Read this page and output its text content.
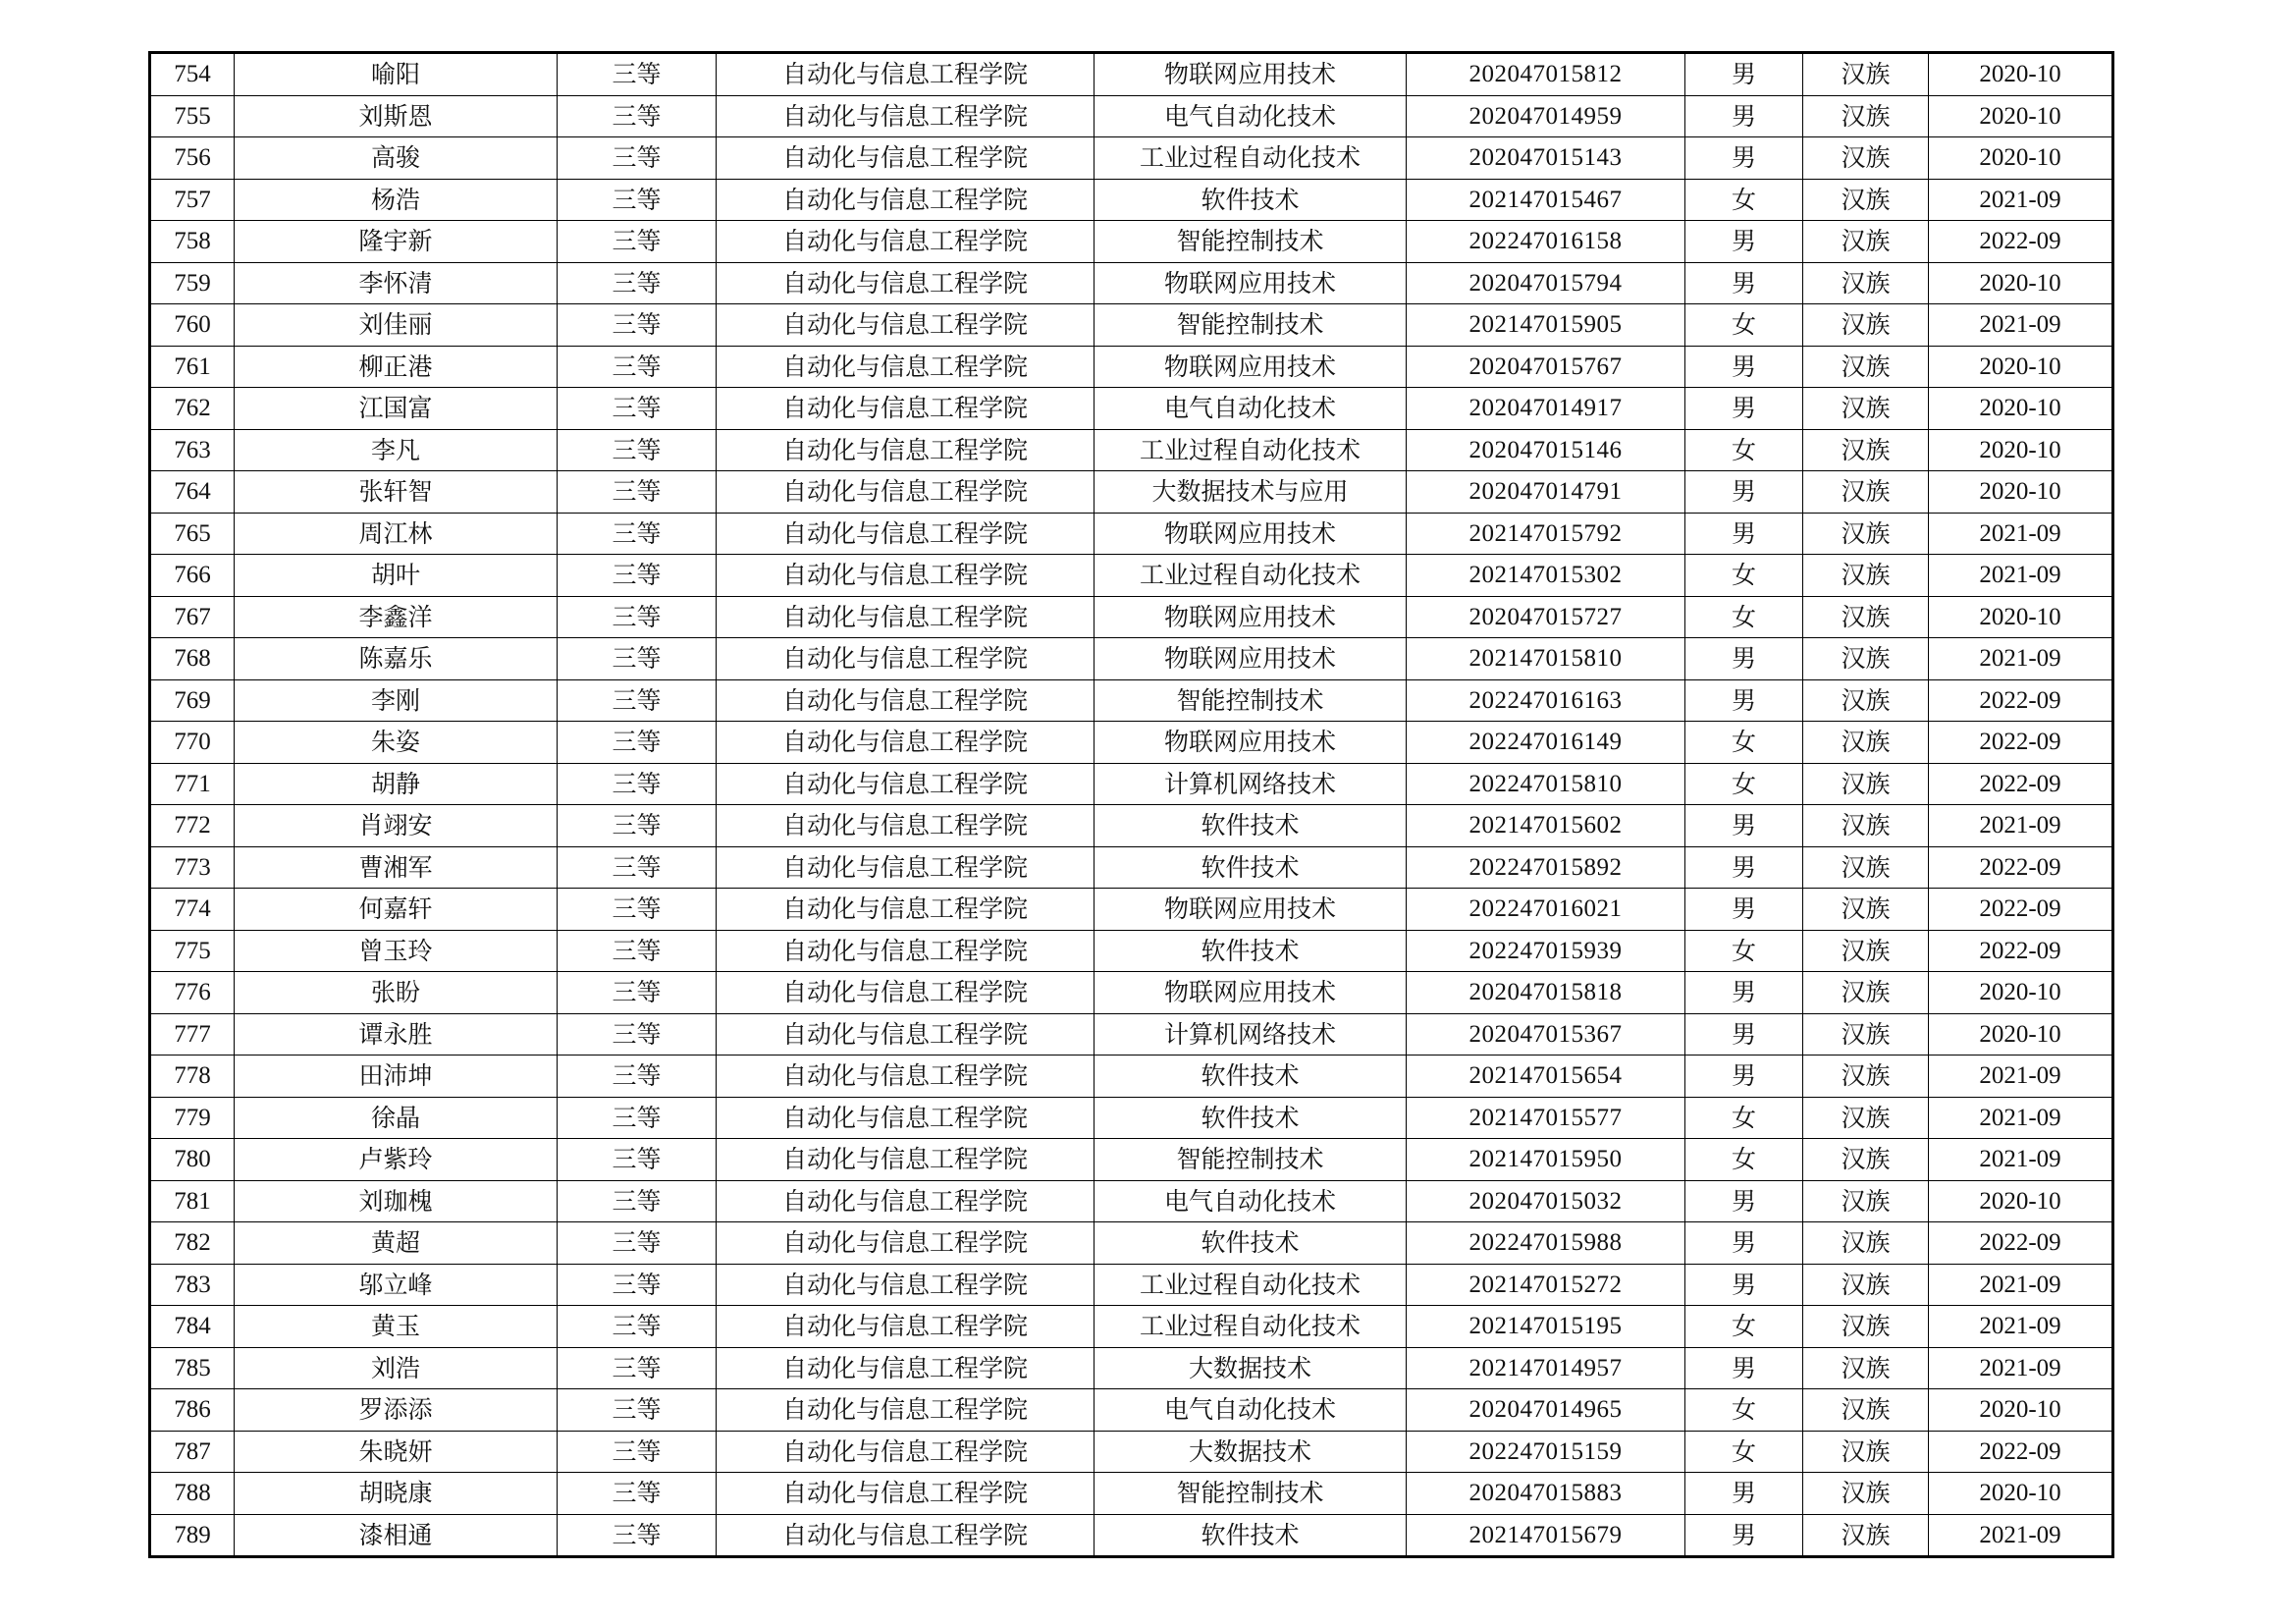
754	喻阳	三等	自动化与信息工程学院	物联网应用技术	202047015812	男	汉族	2020-10
755	刘斯恩	三等	自动化与信息工程学院	电气自动化技术	202047014959	男	汉族	2020-10
756	高骏	三等	自动化与信息工程学院	工业过程自动化技术	202047015143	男	汉族	2020-10
757	杨浩	三等	自动化与信息工程学院	软件技术	202147015467	女	汉族	2021-09
758	隆宇新	三等	自动化与信息工程学院	智能控制技术	202247016158	男	汉族	2022-09
759	李怀清	三等	自动化与信息工程学院	物联网应用技术	202047015794	男	汉族	2020-10
760	刘佳丽	三等	自动化与信息工程学院	智能控制技术	202147015905	女	汉族	2021-09
761	柳正港	三等	自动化与信息工程学院	物联网应用技术	202047015767	男	汉族	2020-10
762	江国富	三等	自动化与信息工程学院	电气自动化技术	202047014917	男	汉族	2020-10
763	李凡	三等	自动化与信息工程学院	工业过程自动化技术	202047015146	女	汉族	2020-10
764	张轩智	三等	自动化与信息工程学院	大数据技术与应用	202047014791	男	汉族	2020-10
765	周江林	三等	自动化与信息工程学院	物联网应用技术	202147015792	男	汉族	2021-09
766	胡叶	三等	自动化与信息工程学院	工业过程自动化技术	202147015302	女	汉族	2021-09
767	李鑫洋	三等	自动化与信息工程学院	物联网应用技术	202047015727	女	汉族	2020-10
768	陈嘉乐	三等	自动化与信息工程学院	物联网应用技术	202147015810	男	汉族	2021-09
769	李刚	三等	自动化与信息工程学院	智能控制技术	202247016163	男	汉族	2022-09
770	朱姿	三等	自动化与信息工程学院	物联网应用技术	202247016149	女	汉族	2022-09
771	胡静	三等	自动化与信息工程学院	计算机网络技术	202247015810	女	汉族	2022-09
772	肖翊安	三等	自动化与信息工程学院	软件技术	202147015602	男	汉族	2021-09
773	曹湘军	三等	自动化与信息工程学院	软件技术	202247015892	男	汉族	2022-09
774	何嘉轩	三等	自动化与信息工程学院	物联网应用技术	202247016021	男	汉族	2022-09
775	曾玉玲	三等	自动化与信息工程学院	软件技术	202247015939	女	汉族	2022-09
776	张盼	三等	自动化与信息工程学院	物联网应用技术	202047015818	男	汉族	2020-10
777	谭永胜	三等	自动化与信息工程学院	计算机网络技术	202047015367	男	汉族	2020-10
778	田沛坤	三等	自动化与信息工程学院	软件技术	202147015654	男	汉族	2021-09
779	徐晶	三等	自动化与信息工程学院	软件技术	202147015577	女	汉族	2021-09
780	卢紫玲	三等	自动化与信息工程学院	智能控制技术	202147015950	女	汉族	2021-09
781	刘珈槐	三等	自动化与信息工程学院	电气自动化技术	202047015032	男	汉族	2020-10
782	黄超	三等	自动化与信息工程学院	软件技术	202247015988	男	汉族	2022-09
783	邬立峰	三等	自动化与信息工程学院	工业过程自动化技术	202147015272	男	汉族	2021-09
784	黄玉	三等	自动化与信息工程学院	工业过程自动化技术	202147015195	女	汉族	2021-09
785	刘浩	三等	自动化与信息工程学院	大数据技术	202147014957	男	汉族	2021-09
786	罗添添	三等	自动化与信息工程学院	电气自动化技术	202047014965	女	汉族	2020-10
787	朱晓妍	三等	自动化与信息工程学院	大数据技术	202247015159	女	汉族	2022-09
788	胡晓康	三等	自动化与信息工程学院	智能控制技术	202047015883	男	汉族	2020-10
789	漆相通	三等	自动化与信息工程学院	软件技术	202147015679	男	汉族	2021-09
